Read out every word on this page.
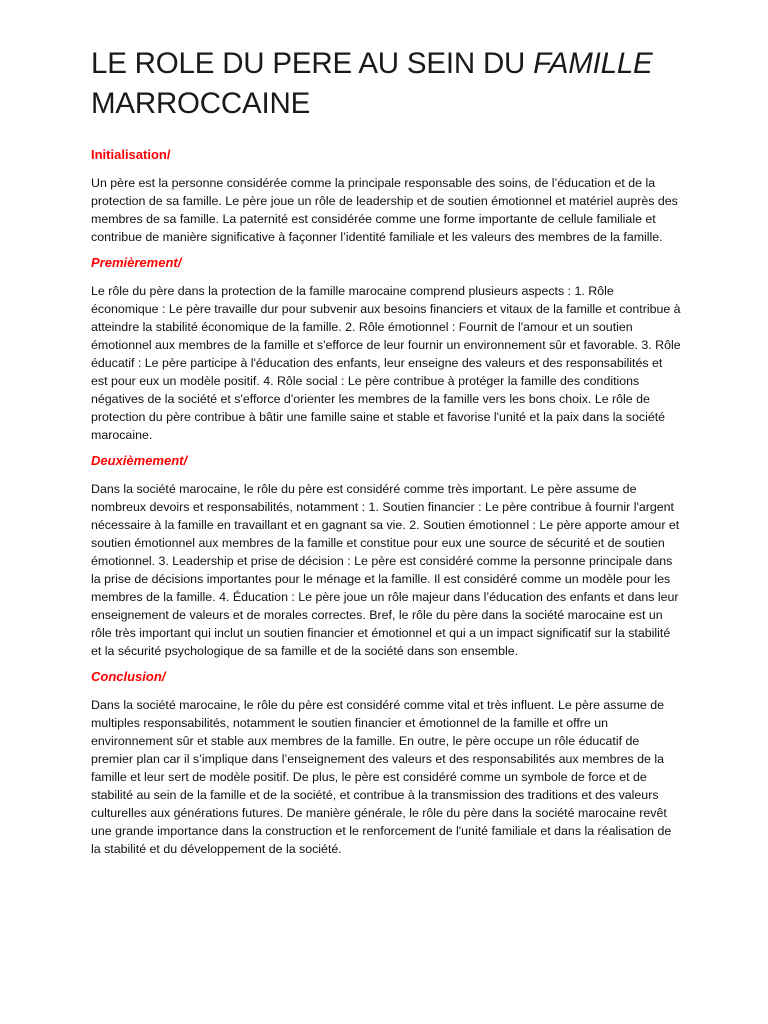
LE ROLE DU PERE AU SEIN DU FAMILLE
MARROCCAINE

Initialisation/

Un père est la personne considérée comme la principale responsable des soins, de l’éducation et de la protection de sa famille. Le père joue un rôle de leadership et de soutien émotionnel et matériel auprès des membres de sa famille. La paternité est considérée comme une forme importante de cellule familiale et contribue de manière significative à façonner l’identité familiale et les valeurs des membres de la famille.

Premièrement/

Le rôle du père dans la protection de la famille marocaine comprend plusieurs aspects : 1. Rôle économique : Le père travaille dur pour subvenir aux besoins financiers et vitaux de la famille et contribue à atteindre la stabilité économique de la famille. 2. Rôle émotionnel : Fournit de l'amour et un soutien émotionnel aux membres de la famille et s'efforce de leur fournir un environnement sûr et favorable. 3. Rôle éducatif : Le père participe à l'éducation des enfants, leur enseigne des valeurs et des responsabilités et est pour eux un modèle positif. 4. Rôle social : Le père contribue à protéger la famille des conditions négatives de la société et s'efforce d'orienter les membres de la famille vers les bons choix. Le rôle de protection du père contribue à bâtir une famille saine et stable et favorise l'unité et la paix dans la société marocaine.

Deuxièmement/

Dans la société marocaine, le rôle du père est considéré comme très important. Le père assume de nombreux devoirs et responsabilités, notamment : 1. Soutien financier : Le père contribue à fournir l'argent nécessaire à la famille en travaillant et en gagnant sa vie. 2. Soutien émotionnel : Le père apporte amour et soutien émotionnel aux membres de la famille et constitue pour eux une source de sécurité et de soutien émotionnel. 3. Leadership et prise de décision : Le père est considéré comme la personne principale dans la prise de décisions importantes pour le ménage et la famille. Il est considéré comme un modèle pour les membres de la famille. 4. Éducation : Le père joue un rôle majeur dans l’éducation des enfants et dans leur enseignement de valeurs et de morales correctes. Bref, le rôle du père dans la société marocaine est un rôle très important qui inclut un soutien financier et émotionnel et qui a un impact significatif sur la stabilité et la sécurité psychologique de sa famille et de la société dans son ensemble.

Conclusion/

Dans la société marocaine, le rôle du père est considéré comme vital et très influent. Le père assume de multiples responsabilités, notamment le soutien financier et émotionnel de la famille et offre un environnement sûr et stable aux membres de la famille. En outre, le père occupe un rôle éducatif de premier plan car il s’implique dans l’enseignement des valeurs et des responsabilités aux membres de la famille et leur sert de modèle positif. De plus, le père est considéré comme un symbole de force et de stabilité au sein de la famille et de la société, et contribue à la transmission des traditions et des valeurs culturelles aux générations futures. De manière générale, le rôle du père dans la société marocaine revêt une grande importance dans la construction et le renforcement de l'unité familiale et dans la réalisation de la stabilité et du développement de la société.
